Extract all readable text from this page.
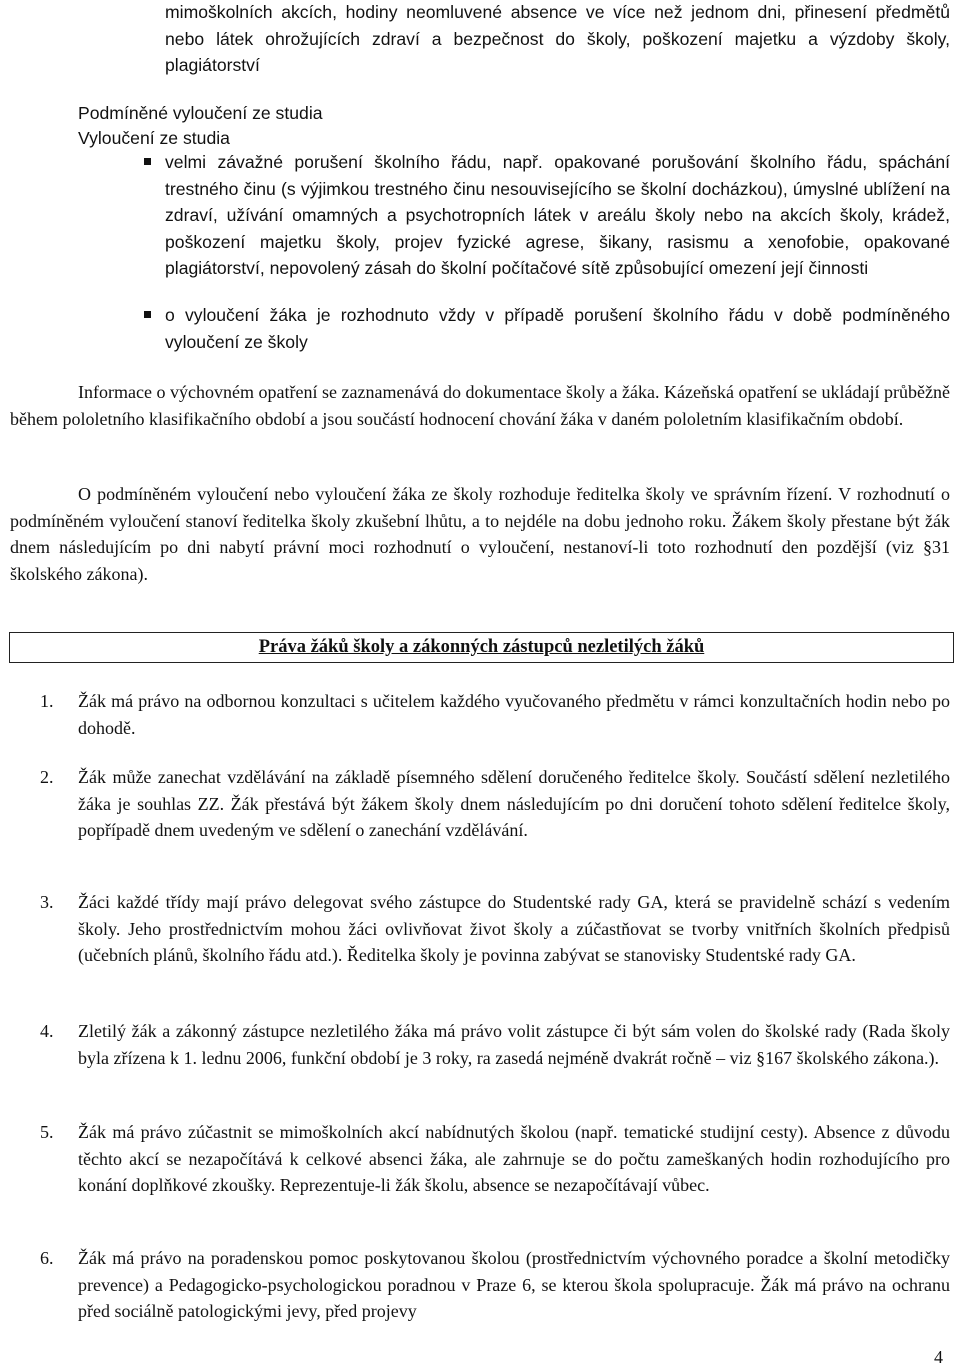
mimoškolních akcích, hodiny neomluvené absence ve více než jednom dni, přinesení předmětů nebo látek ohrožujících zdraví a bezpečnost do školy, poškození majetku a výzdoby školy, plagiátorství

Podmíněné vyloučení ze studia
Vyloučení ze studia

velmi závažné porušení školního řádu, např. opakované porušování školního řádu, spáchání trestného činu (s výjimkou trestného činu nesouvisejícího se školní docházkou), úmyslné ublížení na zdraví, užívání omamných a psychotropních látek v areálu školy nebo na akcích školy, krádež, poškození majetku školy, projev fyzické agrese, šikany, rasismu a xenofobie, opakované plagiátorství, nepovolený zásah do školní počítačové sítě způsobující omezení její činnosti

o vyloučení žáka je rozhodnuto vždy v případě porušení školního řádu v době podmíněného vyloučení ze školy

Informace o výchovném opatření se zaznamenává do dokumentace školy a žáka. Kázeňská opatření se ukládají průběžně během pololetního klasifikačního období a jsou součástí hodnocení chování žáka v daném pololetním klasifikačním období.

O podmíněném vyloučení nebo vyloučení žáka ze školy rozhoduje ředitelka školy ve správním řízení. V rozhodnutí o podmíněném vyloučení stanoví ředitelka školy zkušební lhůtu, a to nejdéle na dobu jednoho roku. Žákem školy přestane být žák dnem následujícím po dni nabytí právní moci rozhodnutí o vyloučení, nestanoví-li toto rozhodnutí den pozdější (viz §31 školského zákona).

Práva žáků školy a zákonných zástupců nezletilých žáků
1. Žák má právo na odbornou konzultaci s učitelem každého vyučovaného předmětu v rámci konzultačních hodin nebo po dohodě.

2. Žák může zanechat vzdělávání na základě písemného sdělení doručeného ředitelce školy. Součástí sdělení nezletilého žáka je souhlas ZZ. Žák přestává být žákem školy dnem následujícím po dni doručení tohoto sdělení ředitelce školy, popřípadě dnem uvedeným ve sdělení o zanechání vzdělávání.

3. Žáci každé třídy mají právo delegovat svého zástupce do Studentské rady GA, která se pravidelně schází s vedením školy. Jeho prostřednictvím mohou žáci ovlivňovat život školy a zúčastňovat se tvorby vnitřních školních předpisů (učebních plánů, školního řádu atd.). Ředitelka školy je povinna zabývat se stanovisky Studentské rady GA.

4. Zletilý žák a zákonný zástupce nezletilého žáka má právo volit zástupce či být sám volen do školské rady (Rada školy byla zřízena k 1. lednu 2006, funkční období je 3 roky, ra zasedá nejméně dvakrát ročně – viz §167 školského zákona.).

5. Žák má právo zúčastnit se mimoškolních akcí nabídnutých školou (např. tematické studijní cesty). Absence z důvodu těchto akcí se nezapočítává k celkové absenci žáka, ale zahrnuje se do počtu zameškaných hodin rozhodujícího pro konání doplňkové zkoušky. Reprezentuje-li žák školu, absence se nezapočítávají vůbec.

6. Žák má právo na poradenskou pomoc poskytovanou školou (prostřednictvím výchovného poradce a školní metodičky prevence) a Pedagogicko-psychologickou poradnou v Praze 6, se kterou škola spolupracuje. Žák má právo na ochranu před sociálně patologickými jevy, před projevy

4
